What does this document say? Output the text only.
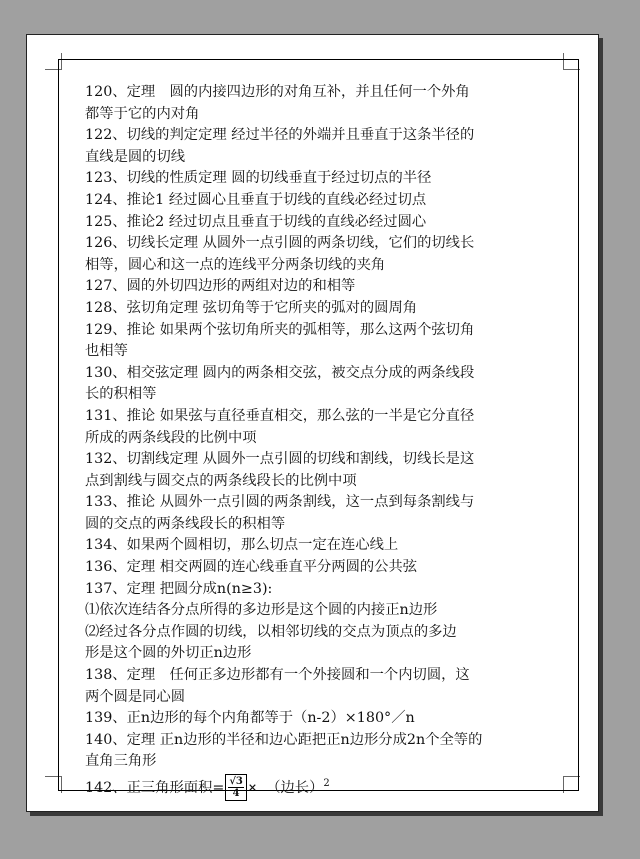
120、定理　圆的内接四边形的对角互补，并且任何一个外角
都等于它的内对角
122、切线的判定定理 经过半径的外端并且垂直于这条半径的
直线是圆的切线
123、切线的性质定理 圆的切线垂直于经过切点的半径
124、推论1 经过圆心且垂直于切线的直线必经过切点
125、推论2 经过切点且垂直于切线的直线必经过圆心
126、切线长定理 从圆外一点引圆的两条切线，它们的切线长
相等，圆心和这一点的连线平分两条切线的夹角
127、圆的外切四边形的两组对边的和相等
128、弦切角定理 弦切角等于它所夹的弧对的圆周角
129、推论 如果两个弦切角所夹的弧相等，那么这两个弦切角
也相等
130、相交弦定理 圆内的两条相交弦，被交点分成的两条线段
长的积相等
131、推论 如果弦与直径垂直相交，那么弦的一半是它分直径
所成的两条线段的比例中项
132、切割线定理 从圆外一点引圆的切线和割线，切线长是这
点到割线与圆交点的两条线段长的比例中项
133、推论 从圆外一点引圆的两条割线，这一点到每条割线与
圆的交点的两条线段长的积相等
134、如果两个圆相切，那么切点一定在连心线上
136、定理 相交两圆的连心线垂直平分两圆的公共弦
137、定理 把圆分成n(n≥3):
⑴依次连结各分点所得的多边形是这个圆的内接正n边形
⑵经过各分点作圆的切线，以相邻切线的交点为顶点的多边
形是这个圆的外切正n边形
138、定理　任何正多边形都有一个外接圆和一个内切圆，这
两个圆是同心圆
139、正n边形的每个内角都等于（n-2）×180°／n
140、定理 正n边形的半径和边心距把正n边形分成2n个全等的
直角三角形
142、正三角形面积= $\frac{√3}{4}$ × （边长）$^2$
